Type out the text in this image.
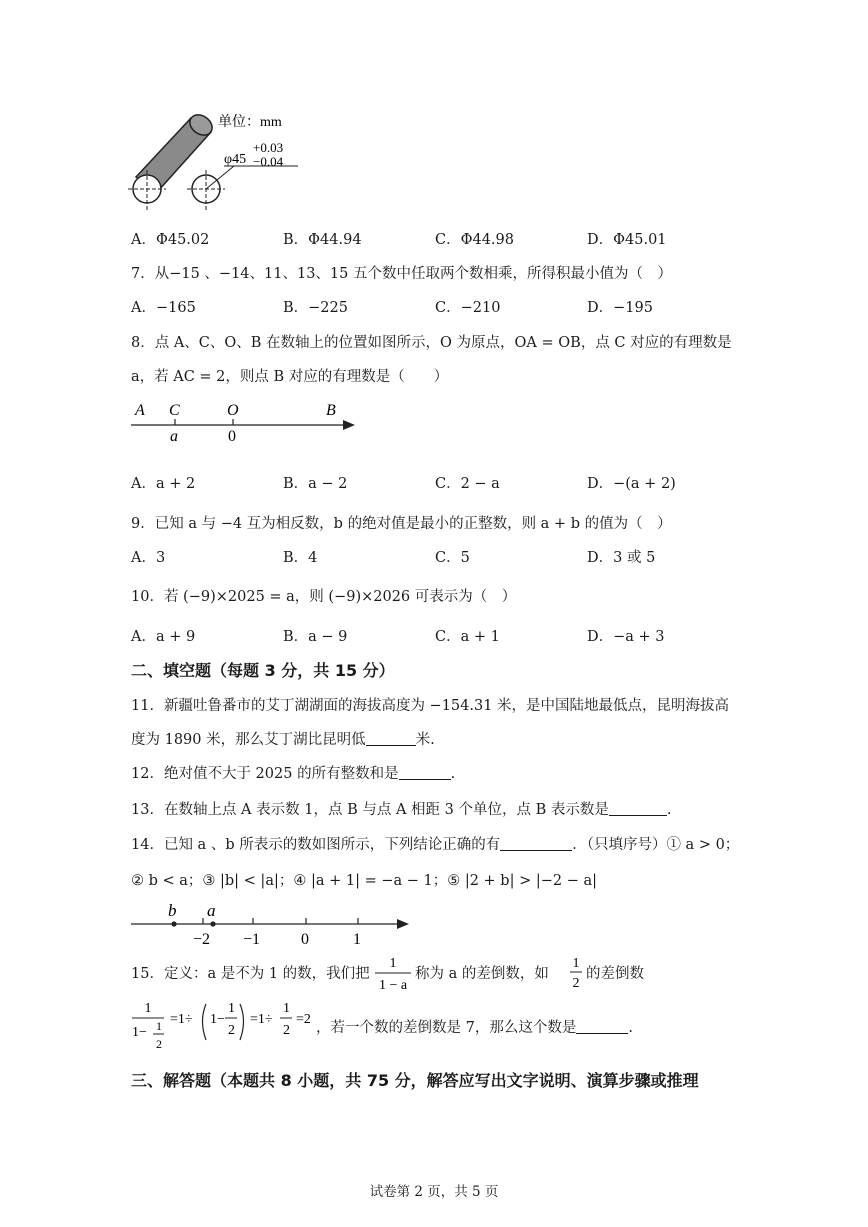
单位：mm
φ45
+0.03
−0.04
A．Φ45.02	B．Φ44.94	C．Φ44.98	D．Φ45.01
7．从−15 、−14、11、13、15 五个数中任取两个数相乘，所得积最小值为（　）
A．−165	B．−225	C．−210	D．−195
8．点 A、C、O、B 在数轴上的位置如图所示，O 为原点，OA = OB，点 C 对应的有理数是
a，若 AC = 2，则点 B 对应的有理数是（　　）
A C	O	B
a	0
A．a + 2	B．a − 2	C．2 − a	D．−(a + 2)
9．已知 a 与 −4 互为相反数，b 的绝对值是最小的正整数，则 a + b 的值为（　）
A．3	B．4	C．5	D．3 或 5
10．若 (−9)×2025 = a，则 (−9)×2026 可表示为（　）
A．a + 9	B．a − 9	C．a + 1	D．−a + 3
二、填空题（每题 3 分，共 15 分）
11．新疆吐鲁番市的艾丁湖湖面的海拔高度为 −154.31 米，是中国陆地最低点，昆明海拔高
度为 1890 米，那么艾丁湖比昆明低	米.
12．绝对值不大于 2025 的所有整数和是	.
13．在数轴上点 A 表示数 1，点 B 与点 A 相距 3 个单位，点 B 表示数是	.
14．已知 a 、b 所表示的数如图所示，下列结论正确的有	．（只填序号）① a > 0；
② b < a；③ |b| < |a|；④ |a + 1| = −a − 1；⑤ |2 + b| > |−2 − a|
b a
−2 −1	0	1
15．定义：a 是不为 1 的数，我们把
1
1 − a
称为 a 的差倒数，如
1
2
的差倒数
1
1− 1
2
=1÷ 1−
1
2
=1÷
1
2
=2
，若一个数的差倒数是 7，那么这个数是	.
三、解答题（本题共 8 小题，共 75 分，解答应写出文字说明、演算步骤或推理
试卷第 2 页，共 5 页
